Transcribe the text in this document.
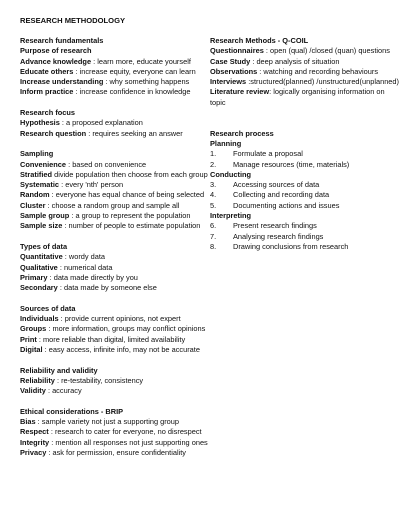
RESEARCH METHODOLOGY
Research fundamentals
Purpose of research
Advance knowledge : learn more, educate yourself
Educate others : increase equity, everyone can learn
Increase understanding : why something happens
Inform practice : increase confidence in knowledge
Research focus
Hypothesis : a proposed explanation
Research question : requires seeking an answer
Sampling
Convenience : based on convenience
Stratified divide population then choose from each group
Systematic : every 'nth' person
Random : everyone has equal chance of being selected
Cluster : choose a random group and sample all
Sample group : a group to represent the population
Sample size : number of people to estimate population
Types of data
Quantitative : wordy data
Qualitative : numerical data
Primary : data made directly by you
Secondary : data made by someone else
Sources of data
Individuals : provide current opinions, not expert
Groups : more information, groups may conflict opinions
Print : more reliable than digital, limited availability
Digital : easy access, infinite info, may not be accurate
Reliability and validity
Reliability : re-testability, consistency
Validity : accuracy
Ethical considerations - BRIP
Bias : sample variety not just a supporting group
Respect : research to cater for everyone, no disrespect
Integrity : mention all responses not just supporting ones
Privacy : ask for permission, ensure confidentiality
Research Methods - Q-COIL
Questionnaires : open (qual) /closed (quan) questions
Case Study : deep analysis of situation
Observations : watching and recording behaviours
Interviews :structured(planned) /unstructured(unplanned)
Literature review: logically organising information on topic
Research process
Planning
1. Formulate a proposal
2. Manage resources (time, materials)
Conducting
3. Accessing sources of data
4. Collecting and recording data
5. Documenting actions and issues
Interpreting
6. Present research findings
7. Analysing research findings
8. Drawing conclusions from research
